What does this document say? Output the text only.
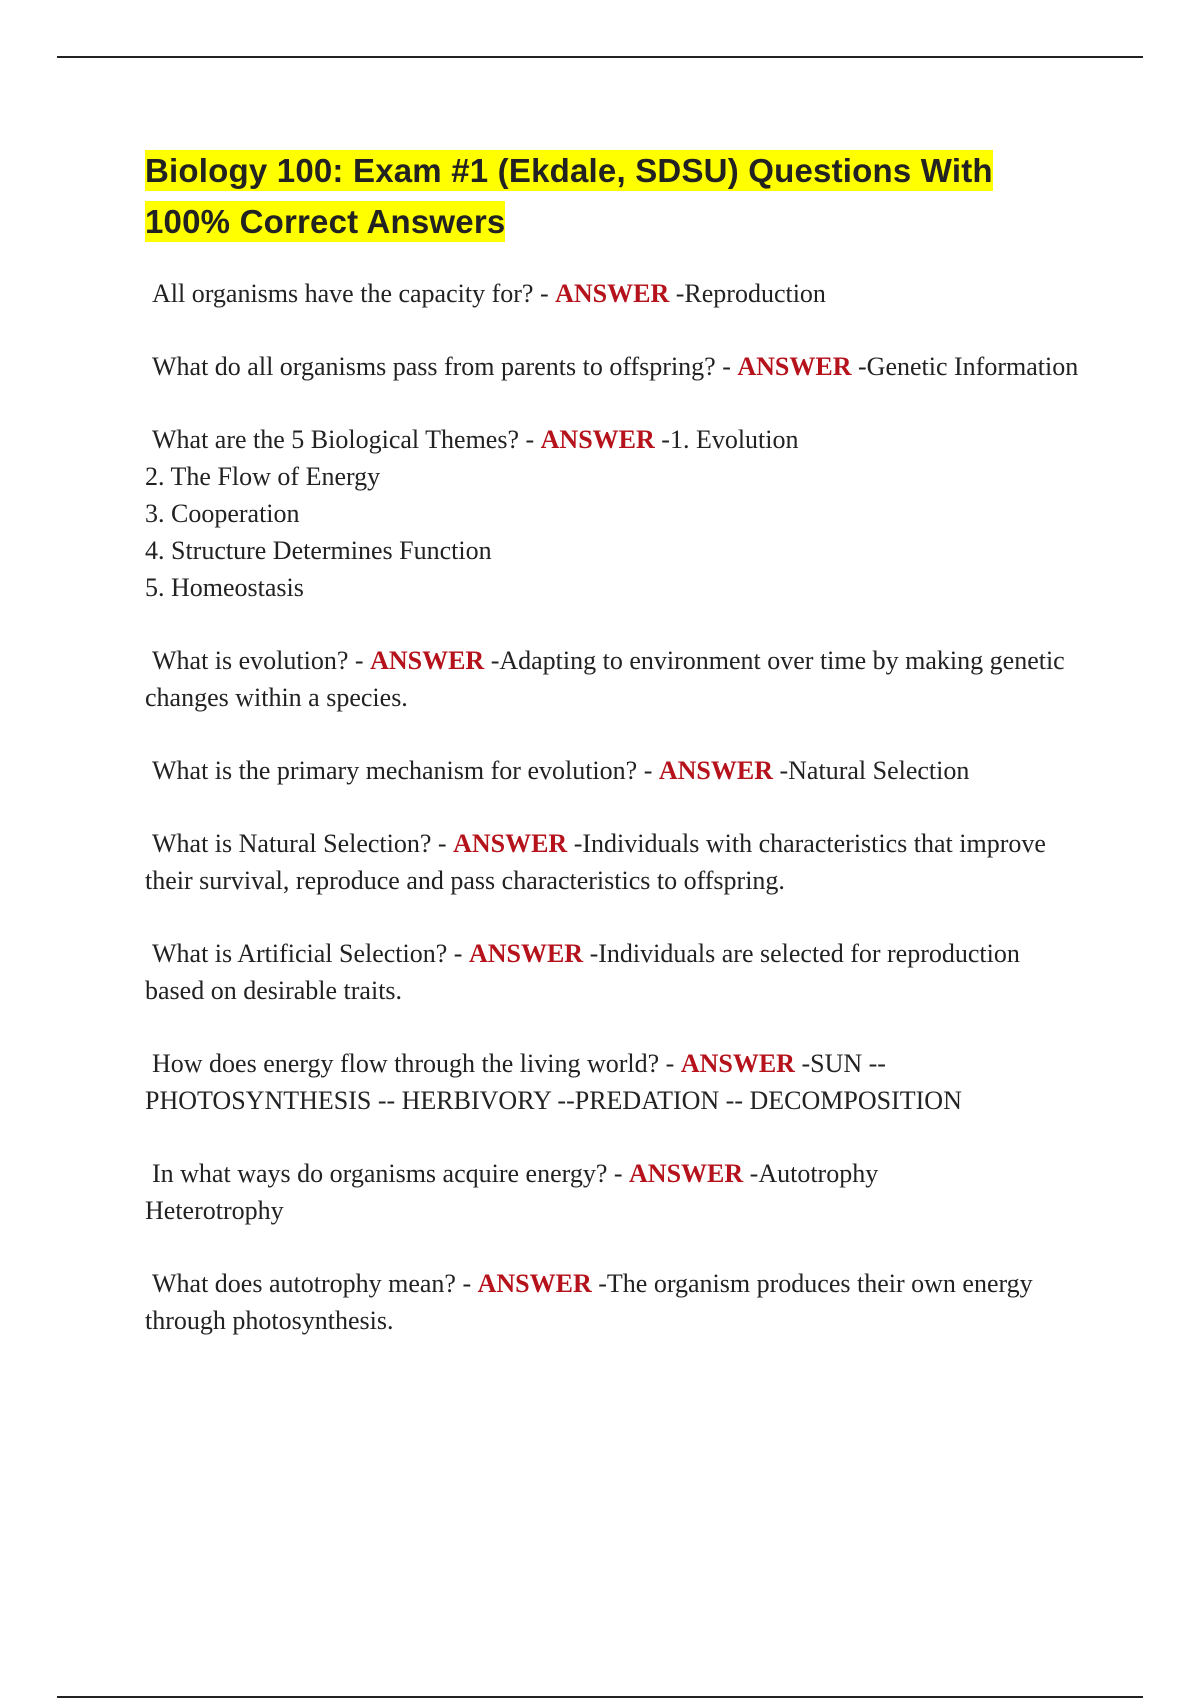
Biology 100: Exam #1 (Ekdale, SDSU) Questions With
100% Correct Answers

All organisms have the capacity for? - ANSWER -Reproduction

What do all organisms pass from parents to offspring? - ANSWER -Genetic Information

What are the 5 Biological Themes? - ANSWER -1. Evolution
2. The Flow of Energy
3. Cooperation
4. Structure Determines Function
5. Homeostasis

What is evolution? - ANSWER -Adapting to environment over time by making genetic changes within a species.

What is the primary mechanism for evolution? - ANSWER -Natural Selection

What is Natural Selection? - ANSWER -Individuals with characteristics that improve their survival, reproduce and pass characteristics to offspring.

What is Artificial Selection? - ANSWER -Individuals are selected for reproduction based on desirable traits.

How does energy flow through the living world? - ANSWER -SUN -- PHOTOSYNTHESIS -- HERBIVORY --PREDATION -- DECOMPOSITION

In what ways do organisms acquire energy? - ANSWER -Autotrophy
Heterotrophy

What does autotrophy mean? - ANSWER -The organism produces their own energy through photosynthesis.
